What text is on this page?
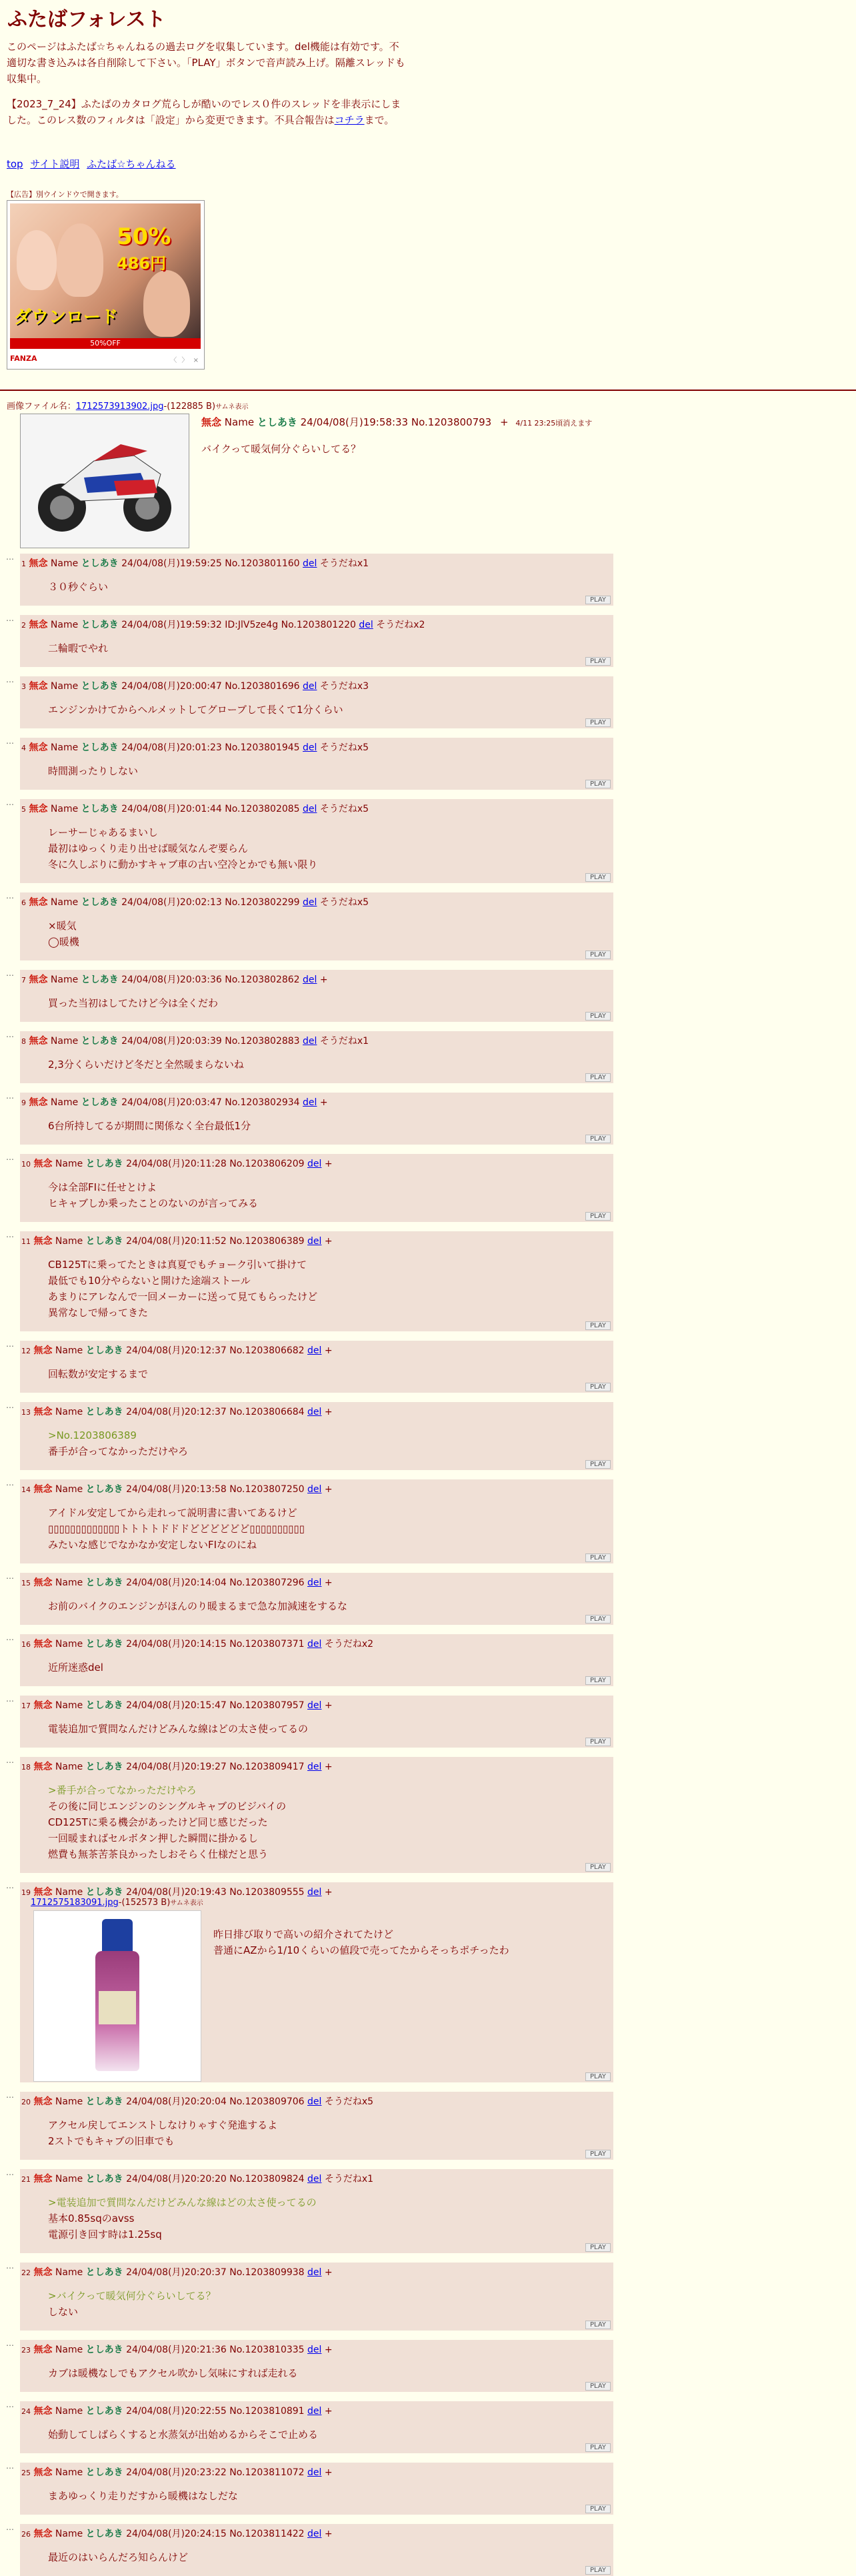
ふたばフォレスト
このページはふたば☆ちゃんねるの過去ログを収集しています。del機能は有効です。不適切な書き込みは各自削除して下さい。「PLAY」ボタンで音声読み上げ。隔離スレッドも収集中。
【2023_7_24】ふたばのカタログ荒らしが酷いのでレス０件のスレッドを非表示にしました。このレス数のフィルタは「設定」から変更できます。不具合報告はコチラまで。
top サイト説明 ふたば☆ちゃんねる
【広告】別ウインドウで開きます。
50%
486円
ダウンロード
50%OFF
FANZA	〈 〉 ×
画像ファイル名：1712573913902.jpg-(122885 B)サムネ表示
無念 Name としあき 24/04/08(月)19:58:33 No.1203800793 + 4/11 23:25頃消えます
バイクって暖気何分ぐらいしてる？
…
1 無念 Name としあき 24/04/08(月)19:59:25 No.1203801160 del そうだねx1
３０秒ぐらい
PLAY
…
2 無念 Name としあき 24/04/08(月)19:59:32 ID:JlV5ze4g No.1203801220 del そうだねx2
二輪暇でやれ
PLAY
…
3 無念 Name としあき 24/04/08(月)20:00:47 No.1203801696 del そうだねx3
エンジンかけてからヘルメットしてグローブして長くて1分くらい
PLAY
…
4 無念 Name としあき 24/04/08(月)20:01:23 No.1203801945 del そうだねx5
時間測ったりしない
PLAY
…
5 無念 Name としあき 24/04/08(月)20:01:44 No.1203802085 del そうだねx5
レーサーじゃあるまいし
最初はゆっくり走り出せば暖気なんぞ要らん
冬に久しぶりに動かすキャブ車の古い空冷とかでも無い限り
PLAY
…
6 無念 Name としあき 24/04/08(月)20:02:13 No.1203802299 del そうだねx5
×暖気
◯暖機
PLAY
…
7 無念 Name としあき 24/04/08(月)20:03:36 No.1203802862 del +
買った当初はしてたけど今は全くだわ
PLAY
…
8 無念 Name としあき 24/04/08(月)20:03:39 No.1203802883 del そうだねx1
2,3分くらいだけど冬だと全然暖まらないね
PLAY
…
9 無念 Name としあき 24/04/08(月)20:03:47 No.1203802934 del +
6台所持してるが期間に関係なく全台最低1分
PLAY
…
10 無念 Name としあき 24/04/08(月)20:11:28 No.1203806209 del +
今は全部FIに任せとけよ
ヒキャブしか乗ったことのないのが言ってみる
PLAY
…
11 無念 Name としあき 24/04/08(月)20:11:52 No.1203806389 del +
CB125Tに乗ってたときは真夏でもチョーク引いて掛けて
最低でも10分やらないと開けた途端ストール
あまりにアレなんで一回メーカーに送って見てもらったけど
異常なしで帰ってきた
PLAY
…
12 無念 Name としあき 24/04/08(月)20:12:37 No.1203806682 del +
回転数が安定するまで
PLAY
…
13 無念 Name としあき 24/04/08(月)20:12:37 No.1203806684 del +
>No.1203806389
番手が合ってなかっただけやろ
PLAY
…
14 無念 Name としあき 24/04/08(月)20:13:58 No.1203807250 del +
アイドル安定してから走れって説明書に書いてあるけど
▯▯▯▯▯▯▯▯▯▯▯▯▯トトトトドドドどどどどどど▯▯▯▯▯▯▯▯▯▯
みたいな感じでなかなか安定しないFIなのにね
PLAY
…
15 無念 Name としあき 24/04/08(月)20:14:04 No.1203807296 del +
お前のバイクのエンジンがほんのり暖まるまで急な加減速をするな
PLAY
…
16 無念 Name としあき 24/04/08(月)20:14:15 No.1203807371 del そうだねx2
近所迷惑del
PLAY
…
17 無念 Name としあき 24/04/08(月)20:15:47 No.1203807957 del +
電装追加で質問なんだけどみんな線はどの太さ使ってるの
PLAY
…
18 無念 Name としあき 24/04/08(月)20:19:27 No.1203809417 del +
>番手が合ってなかっただけやろ
その後に同じエンジンのシングルキャブのビジバイの
CD125Tに乗る機会があったけど同じ感じだった
一回暖まればセルボタン押した瞬間に掛かるし
燃費も無茶苦茶良かったしおそらく仕様だと思う
PLAY
…
19 無念 Name としあき 24/04/08(月)20:19:43 No.1203809555 del +
1712575183091.jpg-(152573 B)サムネ表示
昨日排び取りで高いの紹介されてたけど
普通にAZから1/10くらいの値段で売ってたからそっちポチったわ
PLAY
…
20 無念 Name としあき 24/04/08(月)20:20:04 No.1203809706 del そうだねx5
アクセル戻してエンストしなけりゃすぐ発進するよ
2ストでもキャブの旧車でも
PLAY
…
21 無念 Name としあき 24/04/08(月)20:20:20 No.1203809824 del そうだねx1
>電装追加で質問なんだけどみんな線はどの太さ使ってるの
基本0.85sqのavss
電源引き回す時は1.25sq
PLAY
…
22 無念 Name としあき 24/04/08(月)20:20:37 No.1203809938 del +
>バイクって暖気何分ぐらいしてる？
しない
PLAY
…
23 無念 Name としあき 24/04/08(月)20:21:36 No.1203810335 del +
カブは暖機なしでもアクセル吹かし気味にすれば走れる
PLAY
…
24 無念 Name としあき 24/04/08(月)20:22:55 No.1203810891 del +
始動してしばらくすると水蒸気が出始めるからそこで止める
PLAY
…
25 無念 Name としあき 24/04/08(月)20:23:22 No.1203811072 del +
まあゆっくり走りだすから暖機はなしだな
PLAY
…
26 無念 Name としあき 24/04/08(月)20:24:15 No.1203811422 del +
最近のはいらんだろ知らんけど
PLAY
